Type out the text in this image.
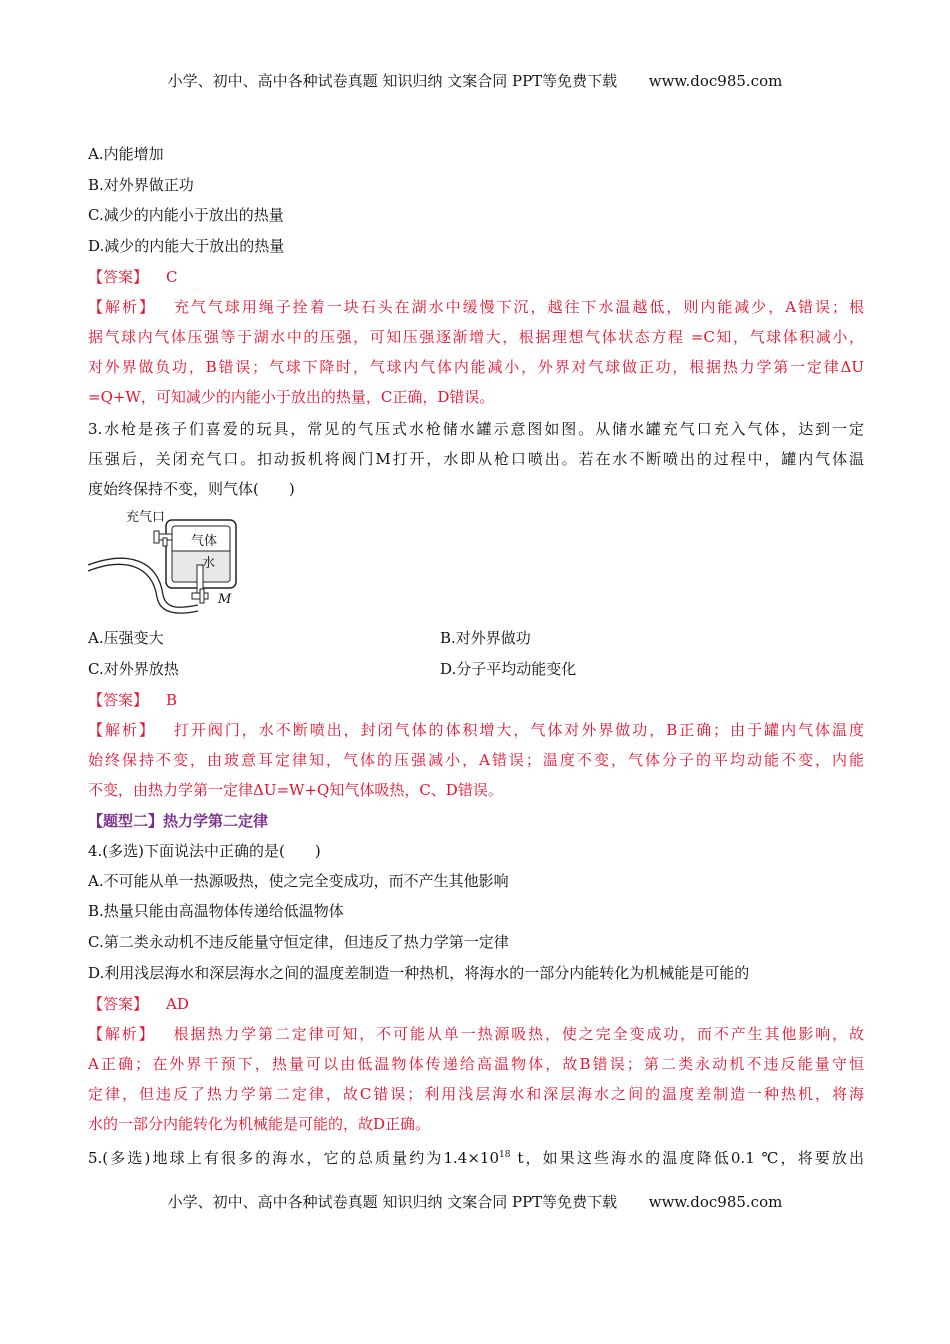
小学、初中、高中各种试卷真题 知识归纳 文案合同 PPT等免费下载 www.doc985.com
A.内能增加
B.对外界做正功
C.减少的内能小于放出的热量
D.减少的内能大于放出的热量
【答案】 C
【解析】 充气气球用绳子拴着一块石头在湖水中缓慢下沉，越往下水温越低，则内能减少，A错误；根
据气球内气体压强等于湖水中的压强，可知压强逐渐增大，根据理想气体状态方程 =C知，气球体积减小，
对外界做负功，B错误；气球下降时，气球内气体内能减小，外界对气球做正功，根据热力学第一定律ΔU
=Q+W，可知减少的内能小于放出的热量，C正确，D错误。
3.水枪是孩子们喜爱的玩具，常见的气压式水枪储水罐示意图如图。从储水罐充气口充入气体，达到一定
压强后，关闭充气口。扣动扳机将阀门M打开，水即从枪口喷出。若在水不断喷出的过程中，罐内气体温
度始终保持不变，则气体(　　)
充气口
气体
水
M
A.压强变大	B.对外界做功
C.对外界放热	D.分子平均动能变化
【答案】 B
【解析】 打开阀门，水不断喷出，封闭气体的体积增大，气体对外界做功，B正确；由于罐内气体温度
始终保持不变，由玻意耳定律知，气体的压强减小，A错误；温度不变，气体分子的平均动能不变，内能
不变，由热力学第一定律ΔU=W+Q知气体吸热，C、D错误。
【题型二】热力学第二定律
4.(多选)下面说法中正确的是(　　)
A.不可能从单一热源吸热，使之完全变成功，而不产生其他影响
B.热量只能由高温物体传递给低温物体
C.第二类永动机不违反能量守恒定律，但违反了热力学第一定律
D.利用浅层海水和深层海水之间的温度差制造一种热机，将海水的一部分内能转化为机械能是可能的
【答案】 AD
【解析】 根据热力学第二定律可知，不可能从单一热源吸热，使之完全变成功，而不产生其他影响，故
A正确；在外界干预下，热量可以由低温物体传递给高温物体，故B错误；第二类永动机不违反能量守恒
定律，但违反了热力学第二定律，故C错误；利用浅层海水和深层海水之间的温度差制造一种热机，将海
水的一部分内能转化为机械能是可能的，故D正确。
5.(多选)地球上有很多的海水，它的总质量约为$1.4\times 10^{18}$ t，如果这些海水的温度降低0.1 ℃，将要放出
小学、初中、高中各种试卷真题 知识归纳 文案合同 PPT等免费下载 www.doc985.com
